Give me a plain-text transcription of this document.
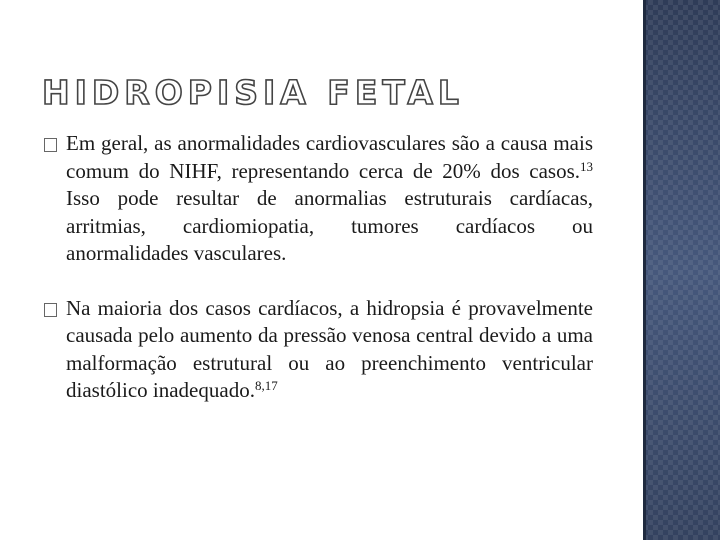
HIDROPISIA FETAL
Em geral, as anormalidades cardiovasculares são a causa mais comum do NIHF, representando cerca de 20% dos casos.$^{13}$ Isso pode resultar de anormalias estruturais cardíacas, arritmias, cardiomiopatia, tumores cardíacos ou anormalidades vasculares.
Na maioria dos casos cardíacos, a hidropsia é provavelmente causada pelo aumento da pressão venosa central devido a uma malformação estrutural ou ao preenchimento ventricular diastólico inadequado.$^{8,17}$
